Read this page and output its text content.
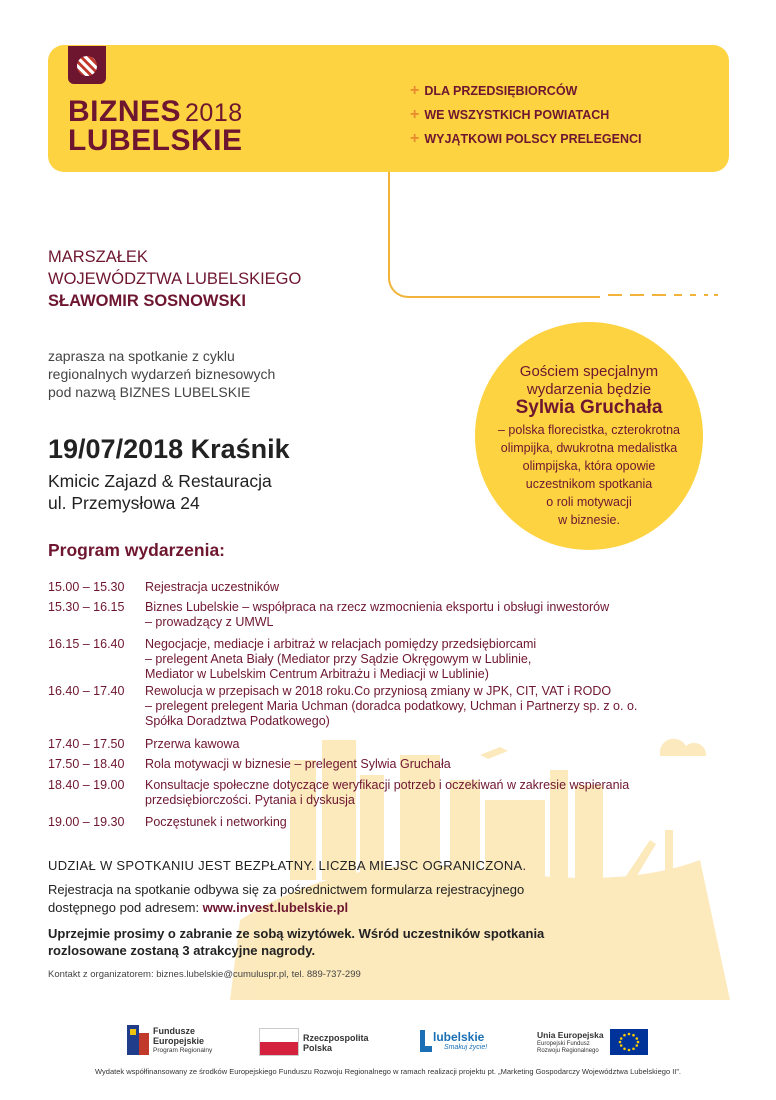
BIZNES 2018
LUBELSKIE
+ DLA PRZEDSIĘBIORCÓW
+ WE WSZYSTKICH POWIATACH
+ WYJĄTKOWI POLSCY PRELEGENCI
MARSZAŁEK
WOJEWÓDZTWA LUBELSKIEGO
SŁAWOMIR SOSNOWSKI
zaprasza na spotkanie z cyklu
regionalnych wydarzeń biznesowych
pod nazwą BIZNES LUBELSKIE
19/07/2018 Kraśnik
Kmicic Zajazd & Restauracja
ul. Przemysłowa 24
Gościem specjalnym
wydarzenia będzie
Sylwia Gruchała
– polska florecistka, czterokrotna
olimpijka, dwukrotna medalistka
olimpijska, która opowie
uczestnikom spotkania
o roli motywacji
w biznesie.
Program wydarzenia:
15.00 – 15.30 Rejestracja uczestników
15.30 – 16.15 Biznes Lubelskie – współpraca na rzecz wzmocnienia eksportu i obsługi inwestorów
– prowadzący z UMWL
16.15 – 16.40 Negocjacje, mediacje i arbitraż w relacjach pomiędzy przedsiębiorcami
– prelegent Aneta Biały (Mediator przy Sądzie Okręgowym w Lublinie,
Mediator w Lubelskim Centrum Arbitrażu i Mediacji w Lublinie)
16.40 – 17.40 Rewolucja w przepisach w 2018 roku.Co przyniosą zmiany w JPK, CIT, VAT i RODO
– prelegent prelegent Maria Uchman (doradca podatkowy, Uchman i Partnerzy sp. z o. o.
Spółka Doradztwa Podatkowego)
17.40 – 17.50 Przerwa kawowa
17.50 – 18.40 Rola motywacji w biznesie – prelegent Sylwia Gruchała
18.40 – 19.00 Konsultacje społeczne dotyczące weryfikacji potrzeb i oczekiwań w zakresie wspierania
przedsiębiorczości. Pytania i dyskusja
19.00 – 19.30 Poczęstunek i networking
UDZIAŁ W SPOTKANIU JEST BEZPŁATNY. LICZBA MIEJSC OGRANICZONA.
Rejestracja na spotkanie odbywa się za pośrednictwem formularza rejestracyjnego
dostępnego pod adresem: www.invest.lubelskie.pl
Uprzejmie prosimy o zabranie ze sobą wizytówek. Wśród uczestników spotkania
rozlosowane zostaną 3 atrakcyjne nagrody.
Kontakt z organizatorem: biznes.lubelskie@cumuluspr.pl, tel. 889-737-299
Fundusze
Europejskie
Program Regionalny
Rzeczpospolita
Polska
lubelskie
Smakuj życie!
Unia Europejska
Europejski Fundusz
Rozwoju Regionalnego
Wydatek współfinansowany ze środków Europejskiego Funduszu Rozwoju Regionalnego w ramach realizacji projektu pt. „Marketing Gospodarczy Województwa Lubelskiego II”.
